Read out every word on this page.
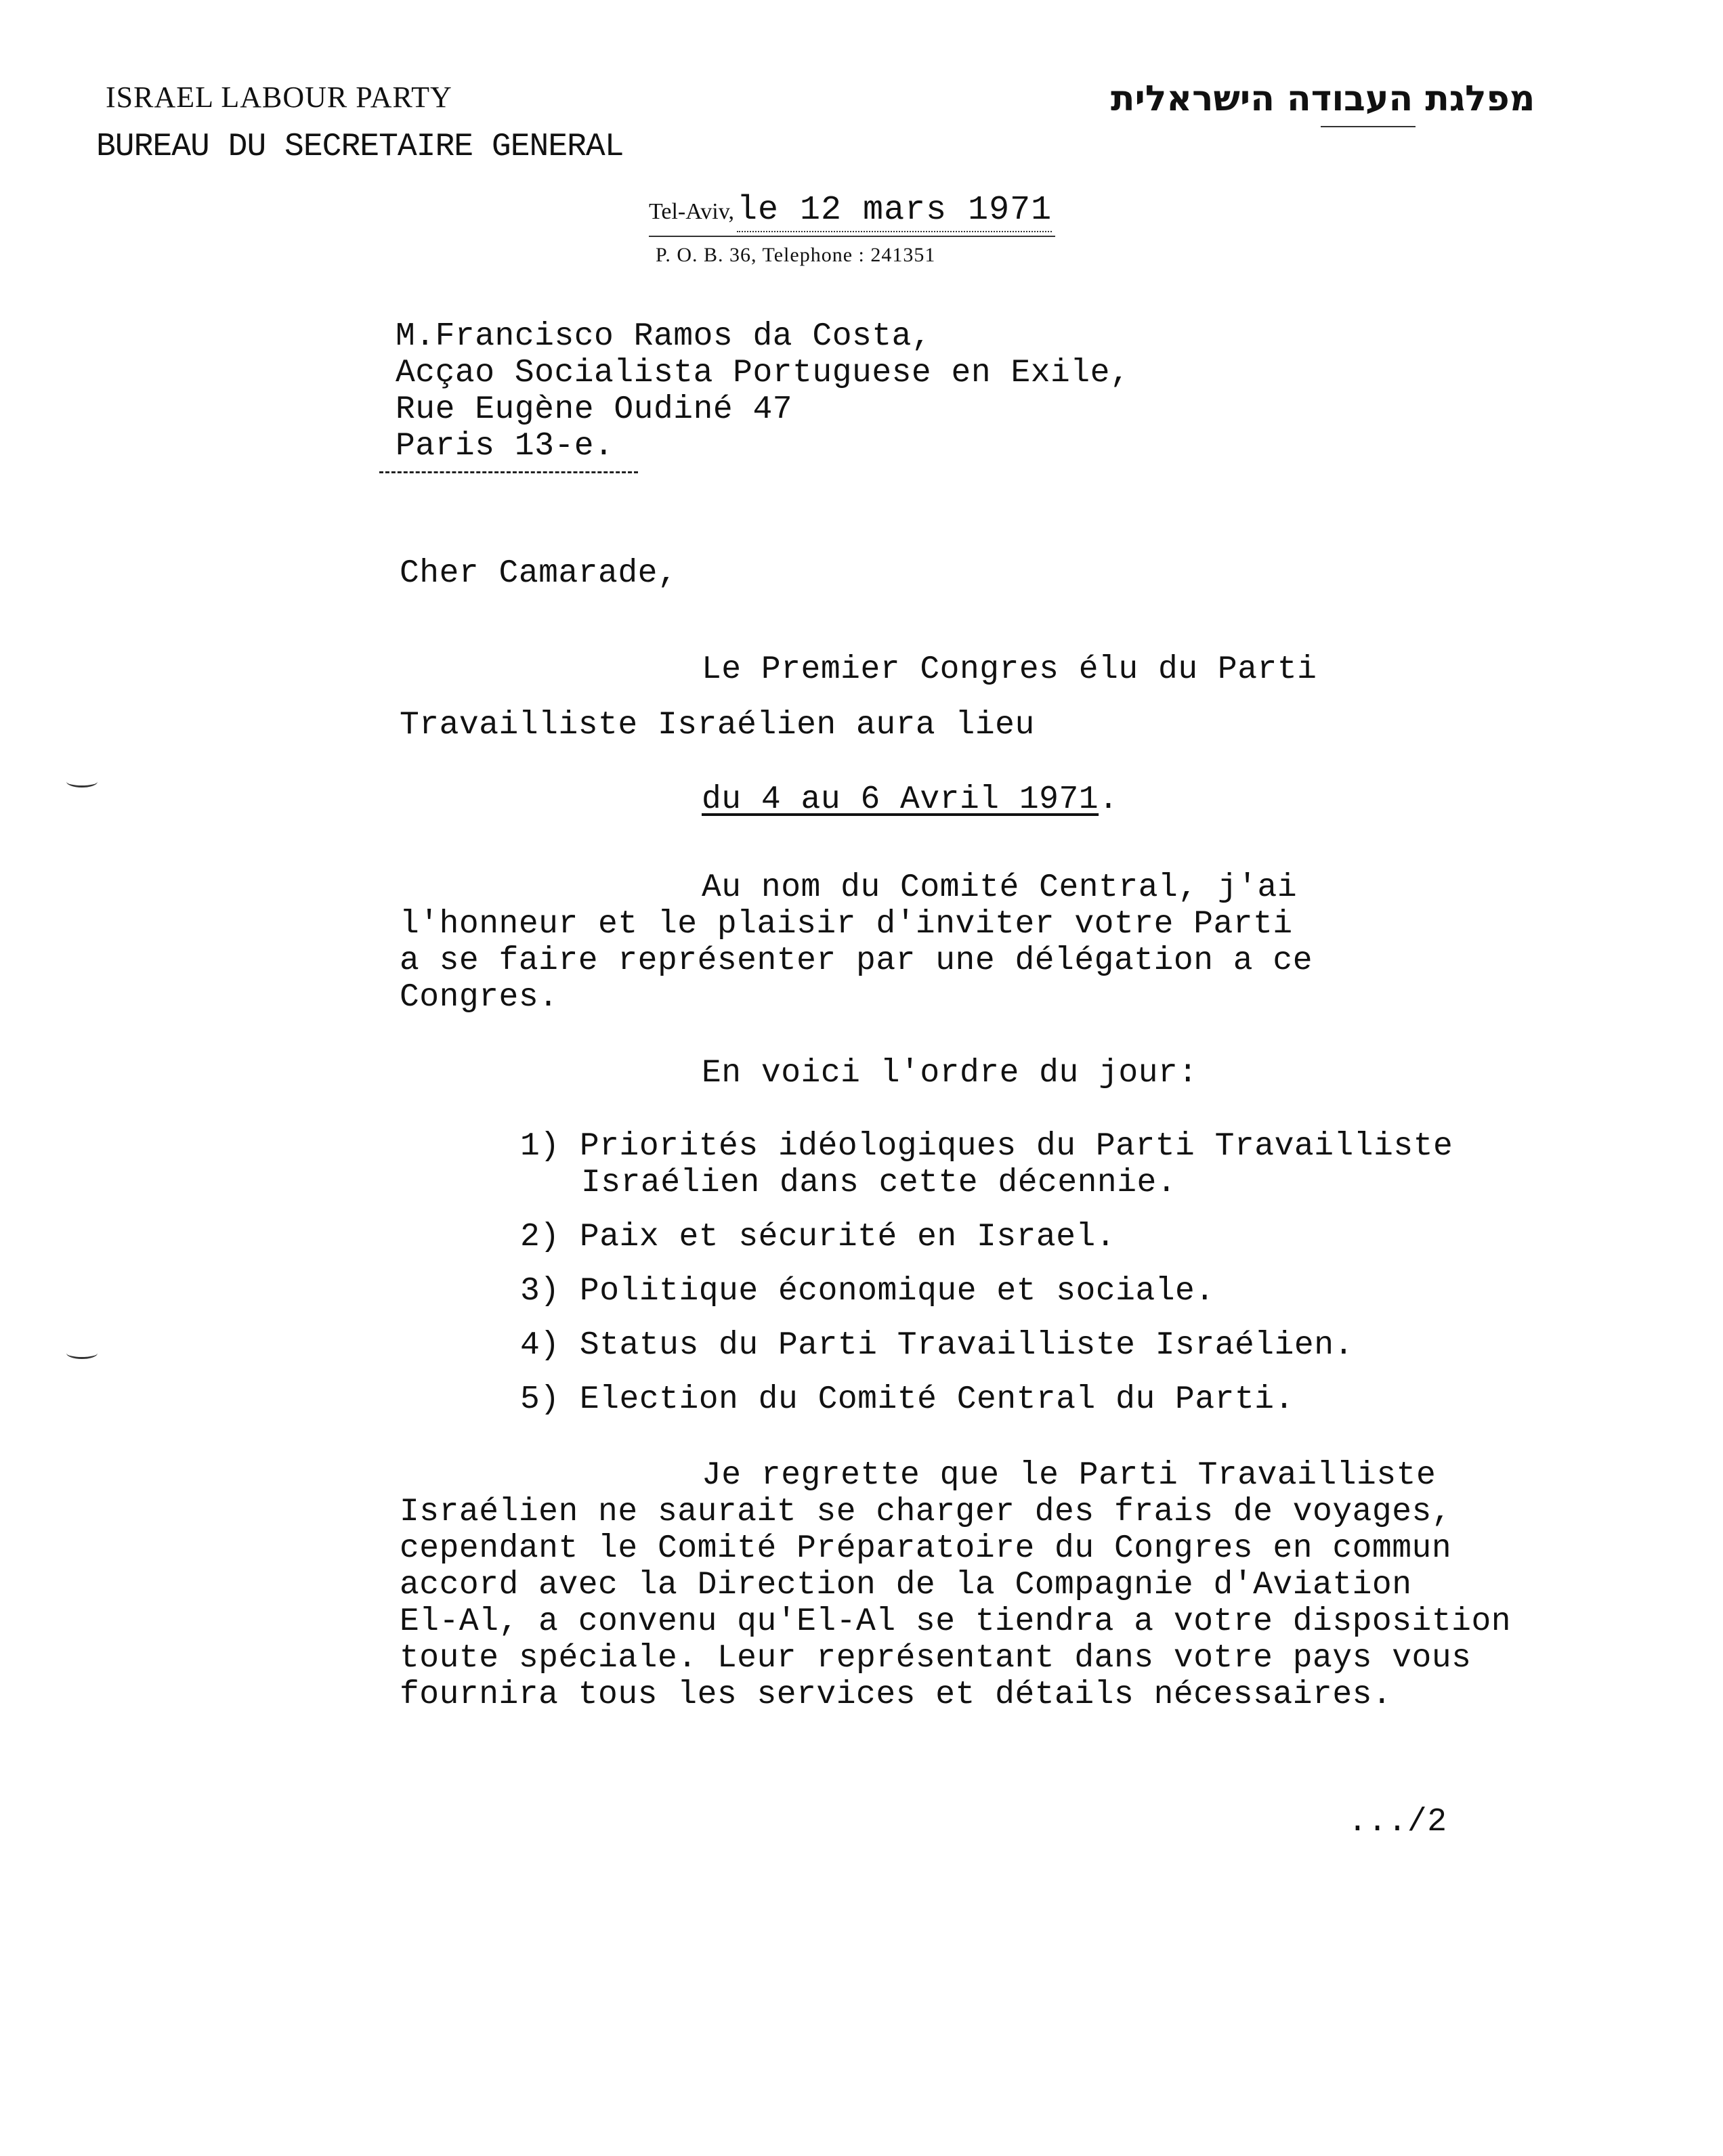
ISRAEL LABOUR PARTY
BUREAU DU SECRETAIRE GENERAL
מפלגת העבודה הישראלית
Tel-Aviv, le 12 mars 1971
P. O. B. 36, Telephone : 241351
M.Francisco Ramos da Costa,
Acçao Socialista Portuguese en Exile,
Rue Eugène Oudiné 47
Paris 13-e.
Cher Camarade,
Le Premier Congres élu du Parti
Travailliste Israélien aura lieu
du 4 au 6 Avril 1971.
Au nom du Comité Central, j'ai
l'honneur et le plaisir d'inviter votre Parti
a se faire représenter par une délégation a ce
Congres.
En voici l'ordre du jour:
1) Priorités idéologiques du Parti Travailliste
Israélien dans cette décennie.
2) Paix et sécurité en Israel.
3) Politique économique et sociale.
4) Status du Parti Travailliste Israélien.
5) Election du Comité Central du Parti.
Je regrette que le Parti Travailliste
Israélien ne saurait se charger des frais de voyages,
cependant le Comité Préparatoire du Congres en commun
accord avec la Direction de la Compagnie d'Aviation
El-Al, a convenu qu'El-Al se tiendra a votre disposition
toute spéciale. Leur représentant dans votre pays vous
fournira tous les services et détails nécessaires.
.../2
